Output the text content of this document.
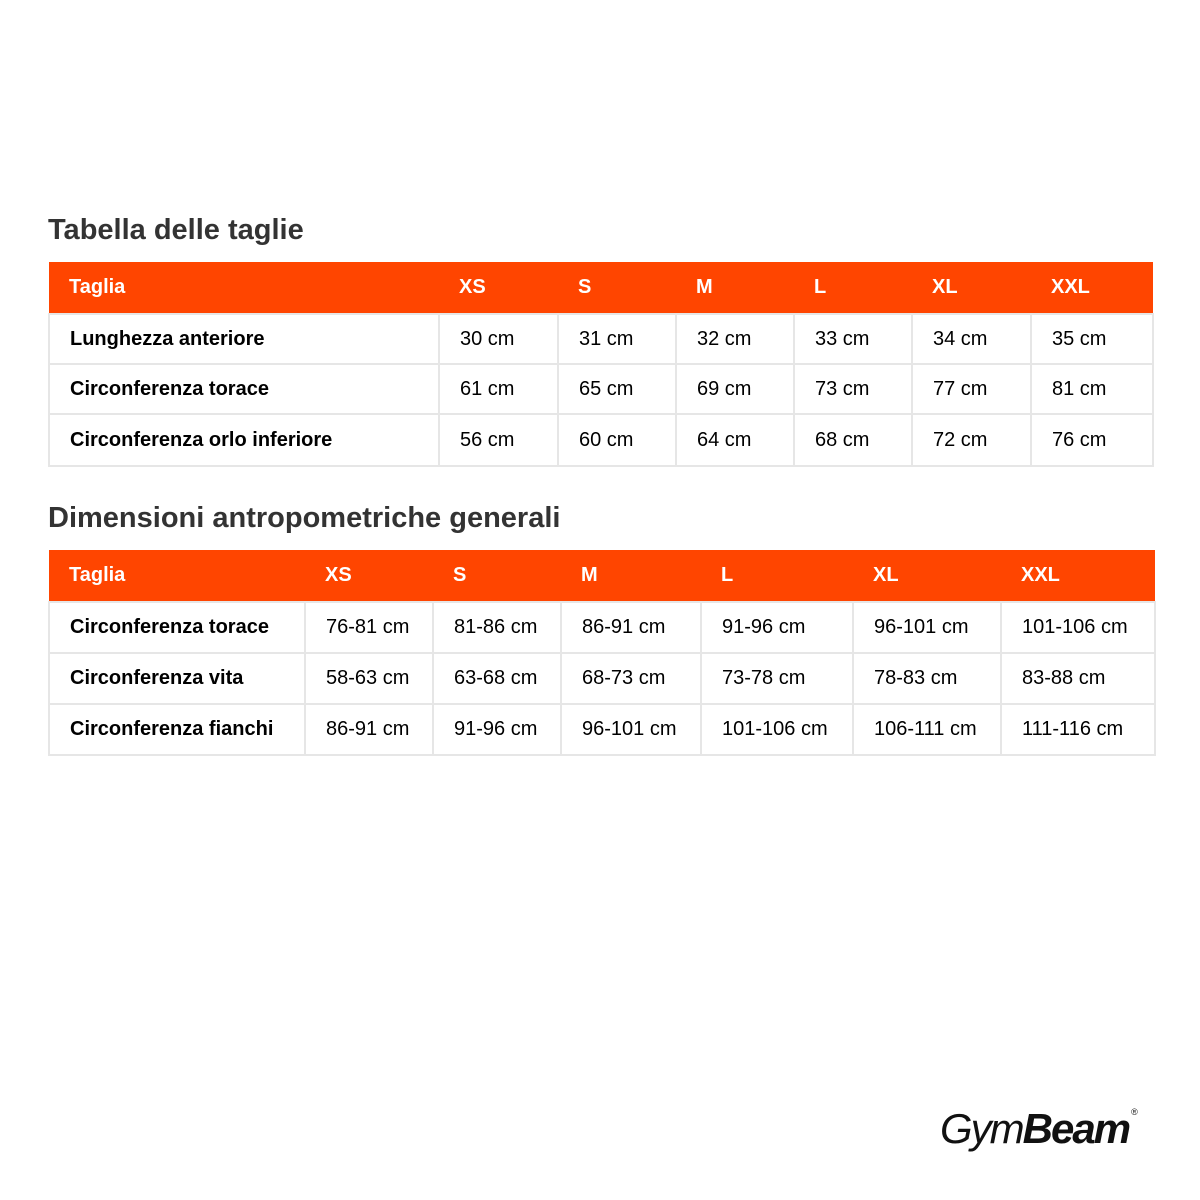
Tabella delle taglie
Taglia	XS	S	M	L	XL	XXL
Lunghezza anteriore	30 cm	31 cm	32 cm	33 cm	34 cm	35 cm
Circonferenza torace	61 cm	65 cm	69 cm	73 cm	77 cm	81 cm
Circonferenza orlo inferiore	56 cm	60 cm	64 cm	68 cm	72 cm	76 cm
Dimensioni antropometriche generali
Taglia	XS	S	M	L	XL	XXL
Circonferenza torace	76-81 cm	81-86 cm	86-91 cm	91-96 cm	96-101 cm	101-106 cm
Circonferenza vita	58-63 cm	63-68 cm	68-73 cm	73-78 cm	78-83 cm	83-88 cm
Circonferenza fianchi	86-91 cm	91-96 cm	96-101 cm	101-106 cm	106-111 cm	111-116 cm
Gym Beam ®
